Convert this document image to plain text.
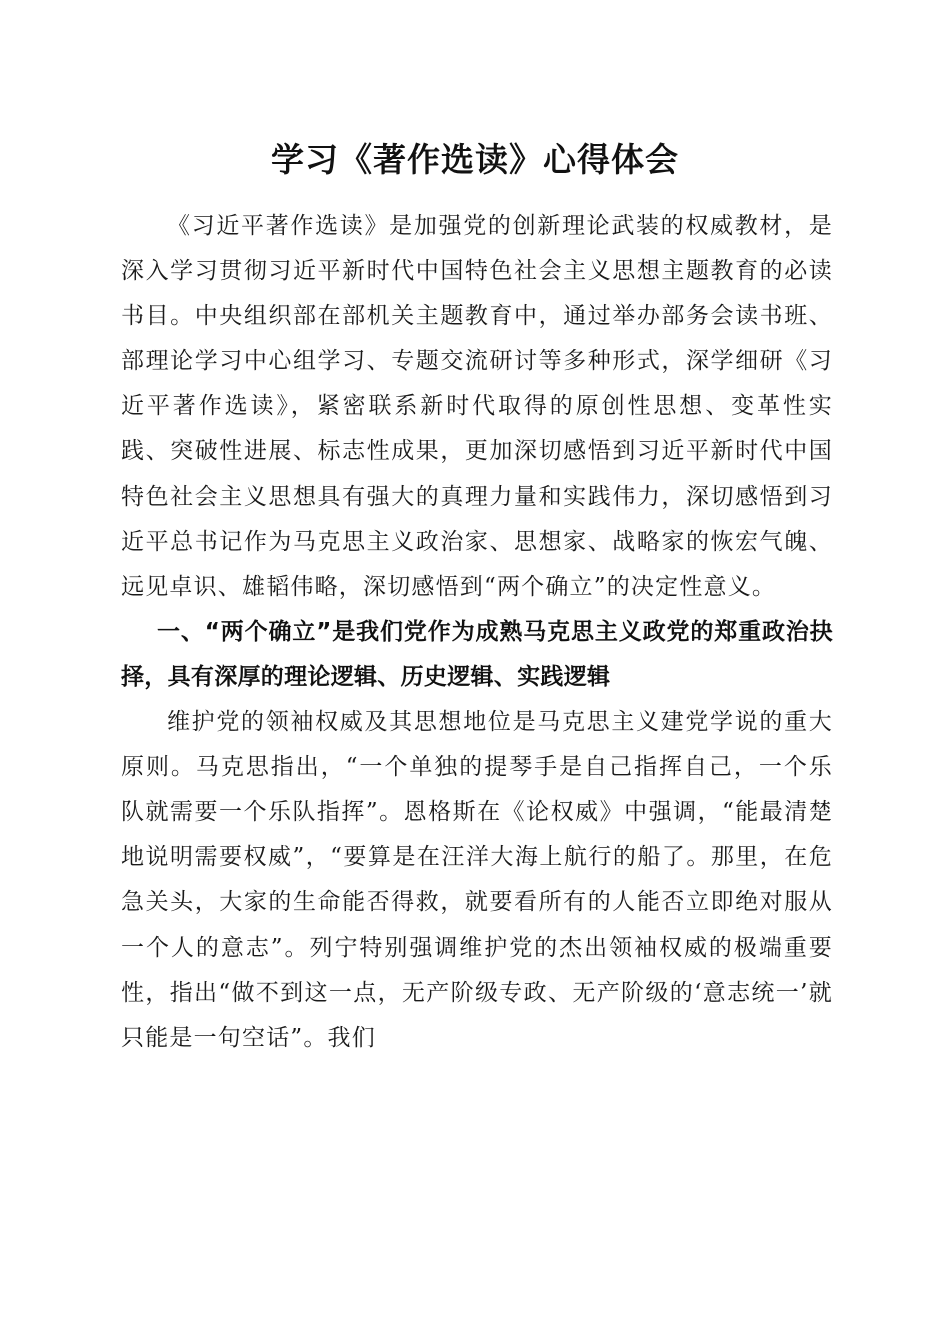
学习《著作选读》心得体会

《习近平著作选读》是加强党的创新理论武装的权威教材，是深入学习贯彻习近平新时代中国特色社会主义思想主题教育的必读书目。中央组织部在部机关主题教育中，通过举办部务会读书班、部理论学习中心组学习、专题交流研讨等多种形式，深学细研《习近平著作选读》，紧密联系新时代取得的原创性思想、变革性实践、突破性进展、标志性成果，更加深切感悟到习近平新时代中国特色社会主义思想具有强大的真理力量和实践伟力，深切感悟到习近平总书记作为马克思主义政治家、思想家、战略家的恢宏气魄、远见卓识、雄韬伟略，深切感悟到“两个确立”的决定性意义。

一、“两个确立”是我们党作为成熟马克思主义政党的郑重政治抉择，具有深厚的理论逻辑、历史逻辑、实践逻辑

维护党的领袖权威及其思想地位是马克思主义建党学说的重大原则。马克思指出，“一个单独的提琴手是自己指挥自己，一个乐队就需要一个乐队指挥”。恩格斯在《论权威》中强调，“能最清楚地说明需要权威”，“要算是在汪洋大海上航行的船了。那里，在危急关头，大家的生命能否得救，就要看所有的人能否立即绝对服从一个人的意志”。列宁特别强调维护党的杰出领袖权威的极端重要性，指出“做不到这一点，无产阶级专政、无产阶级的‘意志统一’就只能是一句空话”。我们
